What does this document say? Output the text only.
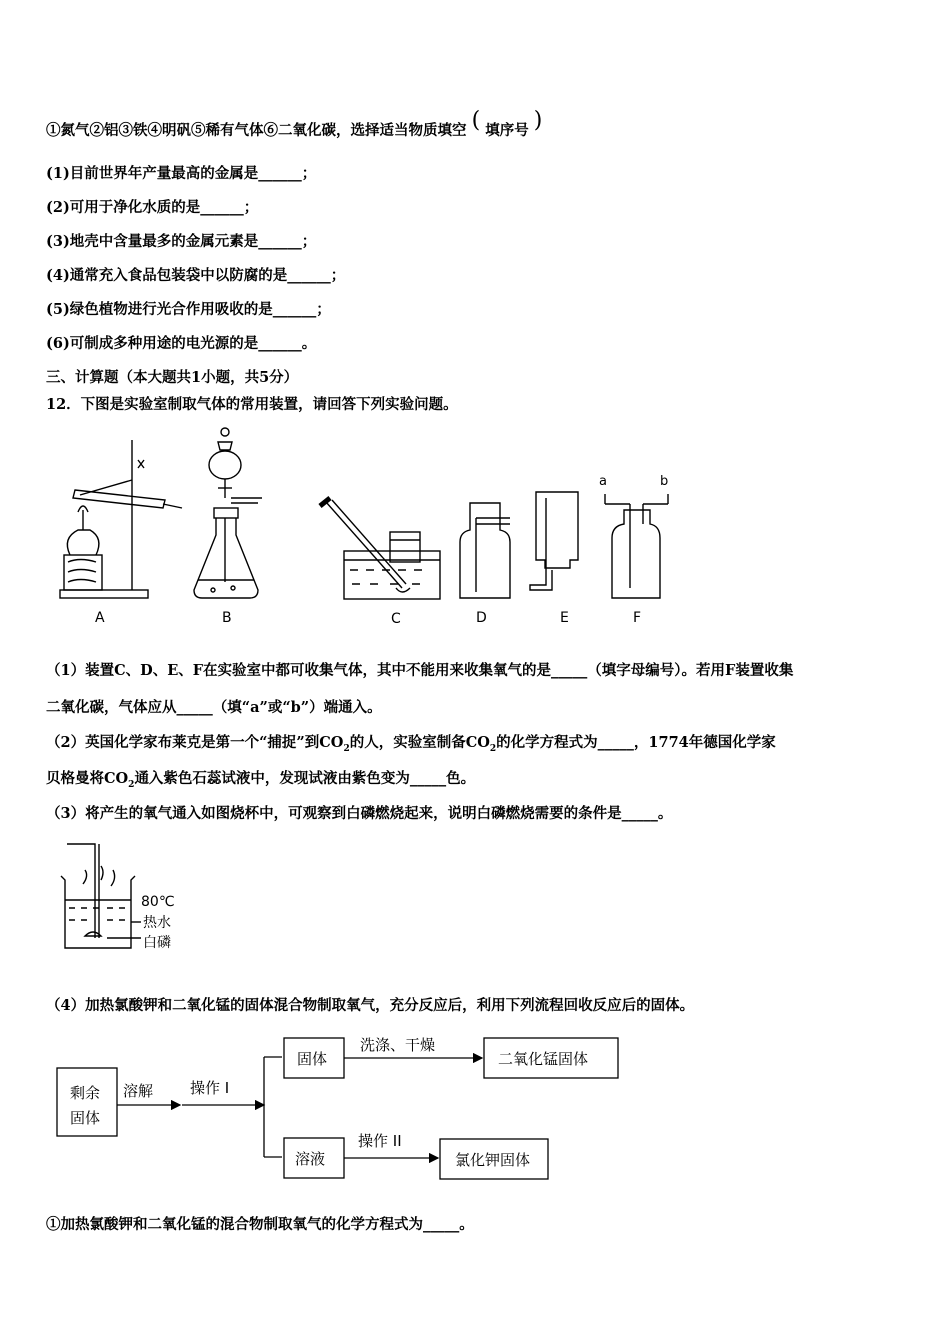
①氮气②铝③铁④明矾⑤稀有气体⑥二氧化碳，选择适当物质填空 ( 填序号 )
(1)目前世界年产量最高的金属是______；
(2)可用于净化水质的是______；
(3)地壳中含量最多的金属元素是______；
(4)通常充入食品包装袋中以防腐的是______；
(5)绿色植物进行光合作用吸收的是______；
(6)可制成多种用途的电光源的是______。
三、计算题（本大题共1小题，共5分）
12．下图是实验室制取气体的常用装置，请回答下列实验问题。
A	B	C	D	E	F
a	b
（1）装置C、D、E、F在实验室中都可收集气体，其中不能用来收集氧气的是_____（填字母编号）。若用F装置收集
二氧化碳，气体应从_____（填“a”或“b”）端通入。
（2）英国化学家布莱克是第一个“捕捉”到$CO_2$的人，实验室制备$CO_2$的化学方程式为_____，1774年德国化学家
贝格曼将$CO_2$通入紫色石蕊试液中，发现试液由紫色变为_____色。
（3）将产生的氧气通入如图烧杯中，可观察到白磷燃烧起来，说明白磷燃烧需要的条件是_____。
80℃
热水
白磷
（4）加热氯酸钾和二氧化锰的固体混合物制取氧气，充分反应后，利用下列流程回收反应后的固体。
剩余
固体
溶解 操作 I
固体
洗涤、干燥
二氧化锰固体
溶液
操作 II
氯化钾固体
①加热氯酸钾和二氧化锰的混合物制取氧气的化学方程式为_____。
